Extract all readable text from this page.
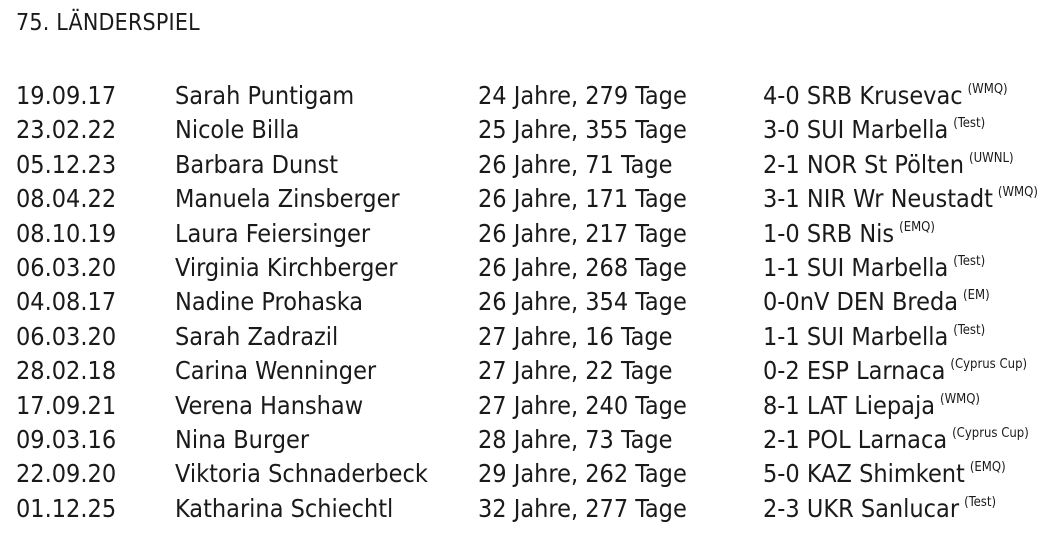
75. LÄNDERSPIEL
19.09.17 Sarah Puntigam	24 Jahre, 279 Tage	4-0 SRB Krusevac $^{(WMQ)}$
23.02.22 Nicole Billa	25 Jahre, 355 Tage	3-0 SUI Marbella $^{(Test)}$
05.12.23 Barbara Dunst	26 Jahre, 71 Tage	2-1 NOR St Pölten $^{(UWNL)}$
08.04.22 Manuela Zinsberger	26 Jahre, 171 Tage	3-1 NIR Wr Neustadt $^{(WMQ)}$
08.10.19 Laura Feiersinger	26 Jahre, 217 Tage	1-0 SRB Nis $^{(EMQ)}$
06.03.20 Virginia Kirchberger	26 Jahre, 268 Tage	1-1 SUI Marbella $^{(Test)}$
04.08.17 Nadine Prohaska	26 Jahre, 354 Tage	0-0nV DEN Breda $^{(EM)}$
06.03.20 Sarah Zadrazil	27 Jahre, 16 Tage	1-1 SUI Marbella $^{(Test)}$
28.02.18 Carina Wenninger	27 Jahre, 22 Tage	0-2 ESP Larnaca $^{(Cyprus Cup)}$
17.09.21 Verena Hanshaw	27 Jahre, 240 Tage	8-1 LAT Liepaja $^{(WMQ)}$
09.03.16 Nina Burger	28 Jahre, 73 Tage	2-1 POL Larnaca $^{(Cyprus Cup)}$
22.09.20 Viktoria Schnaderbeck 29 Jahre, 262 Tage	5-0 KAZ Shimkent $^{(EMQ)}$
01.12.25 Katharina Schiechtl	32 Jahre, 277 Tage	2-3 UKR Sanlucar $^{(Test)}$
